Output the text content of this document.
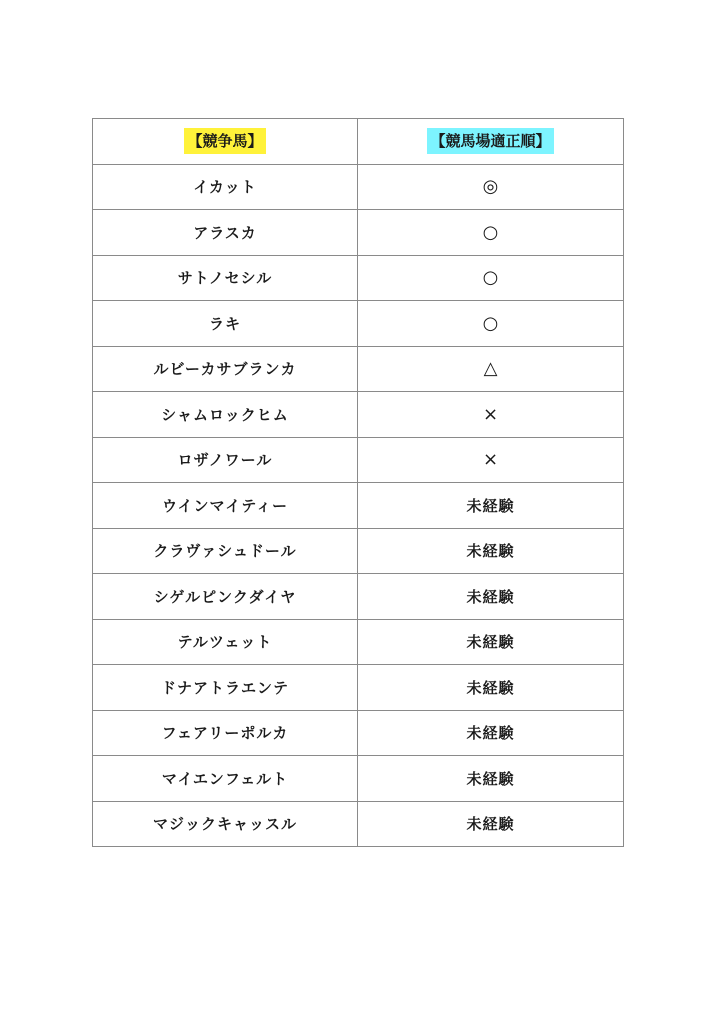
【競争馬】	【競馬場適正順】
イカット	◎
アラスカ	○
サトノセシル	○
ラキ	○
ルビーカサブランカ	△
シャムロックヒム	×
ロザノワール	×
ウインマイティー	未経験
クラヴァシュドール	未経験
シゲルピンクダイヤ	未経験
テルツェット	未経験
ドナアトラエンテ	未経験
フェアリーポルカ	未経験
マイエンフェルト	未経験
マジックキャッスル	未経験
